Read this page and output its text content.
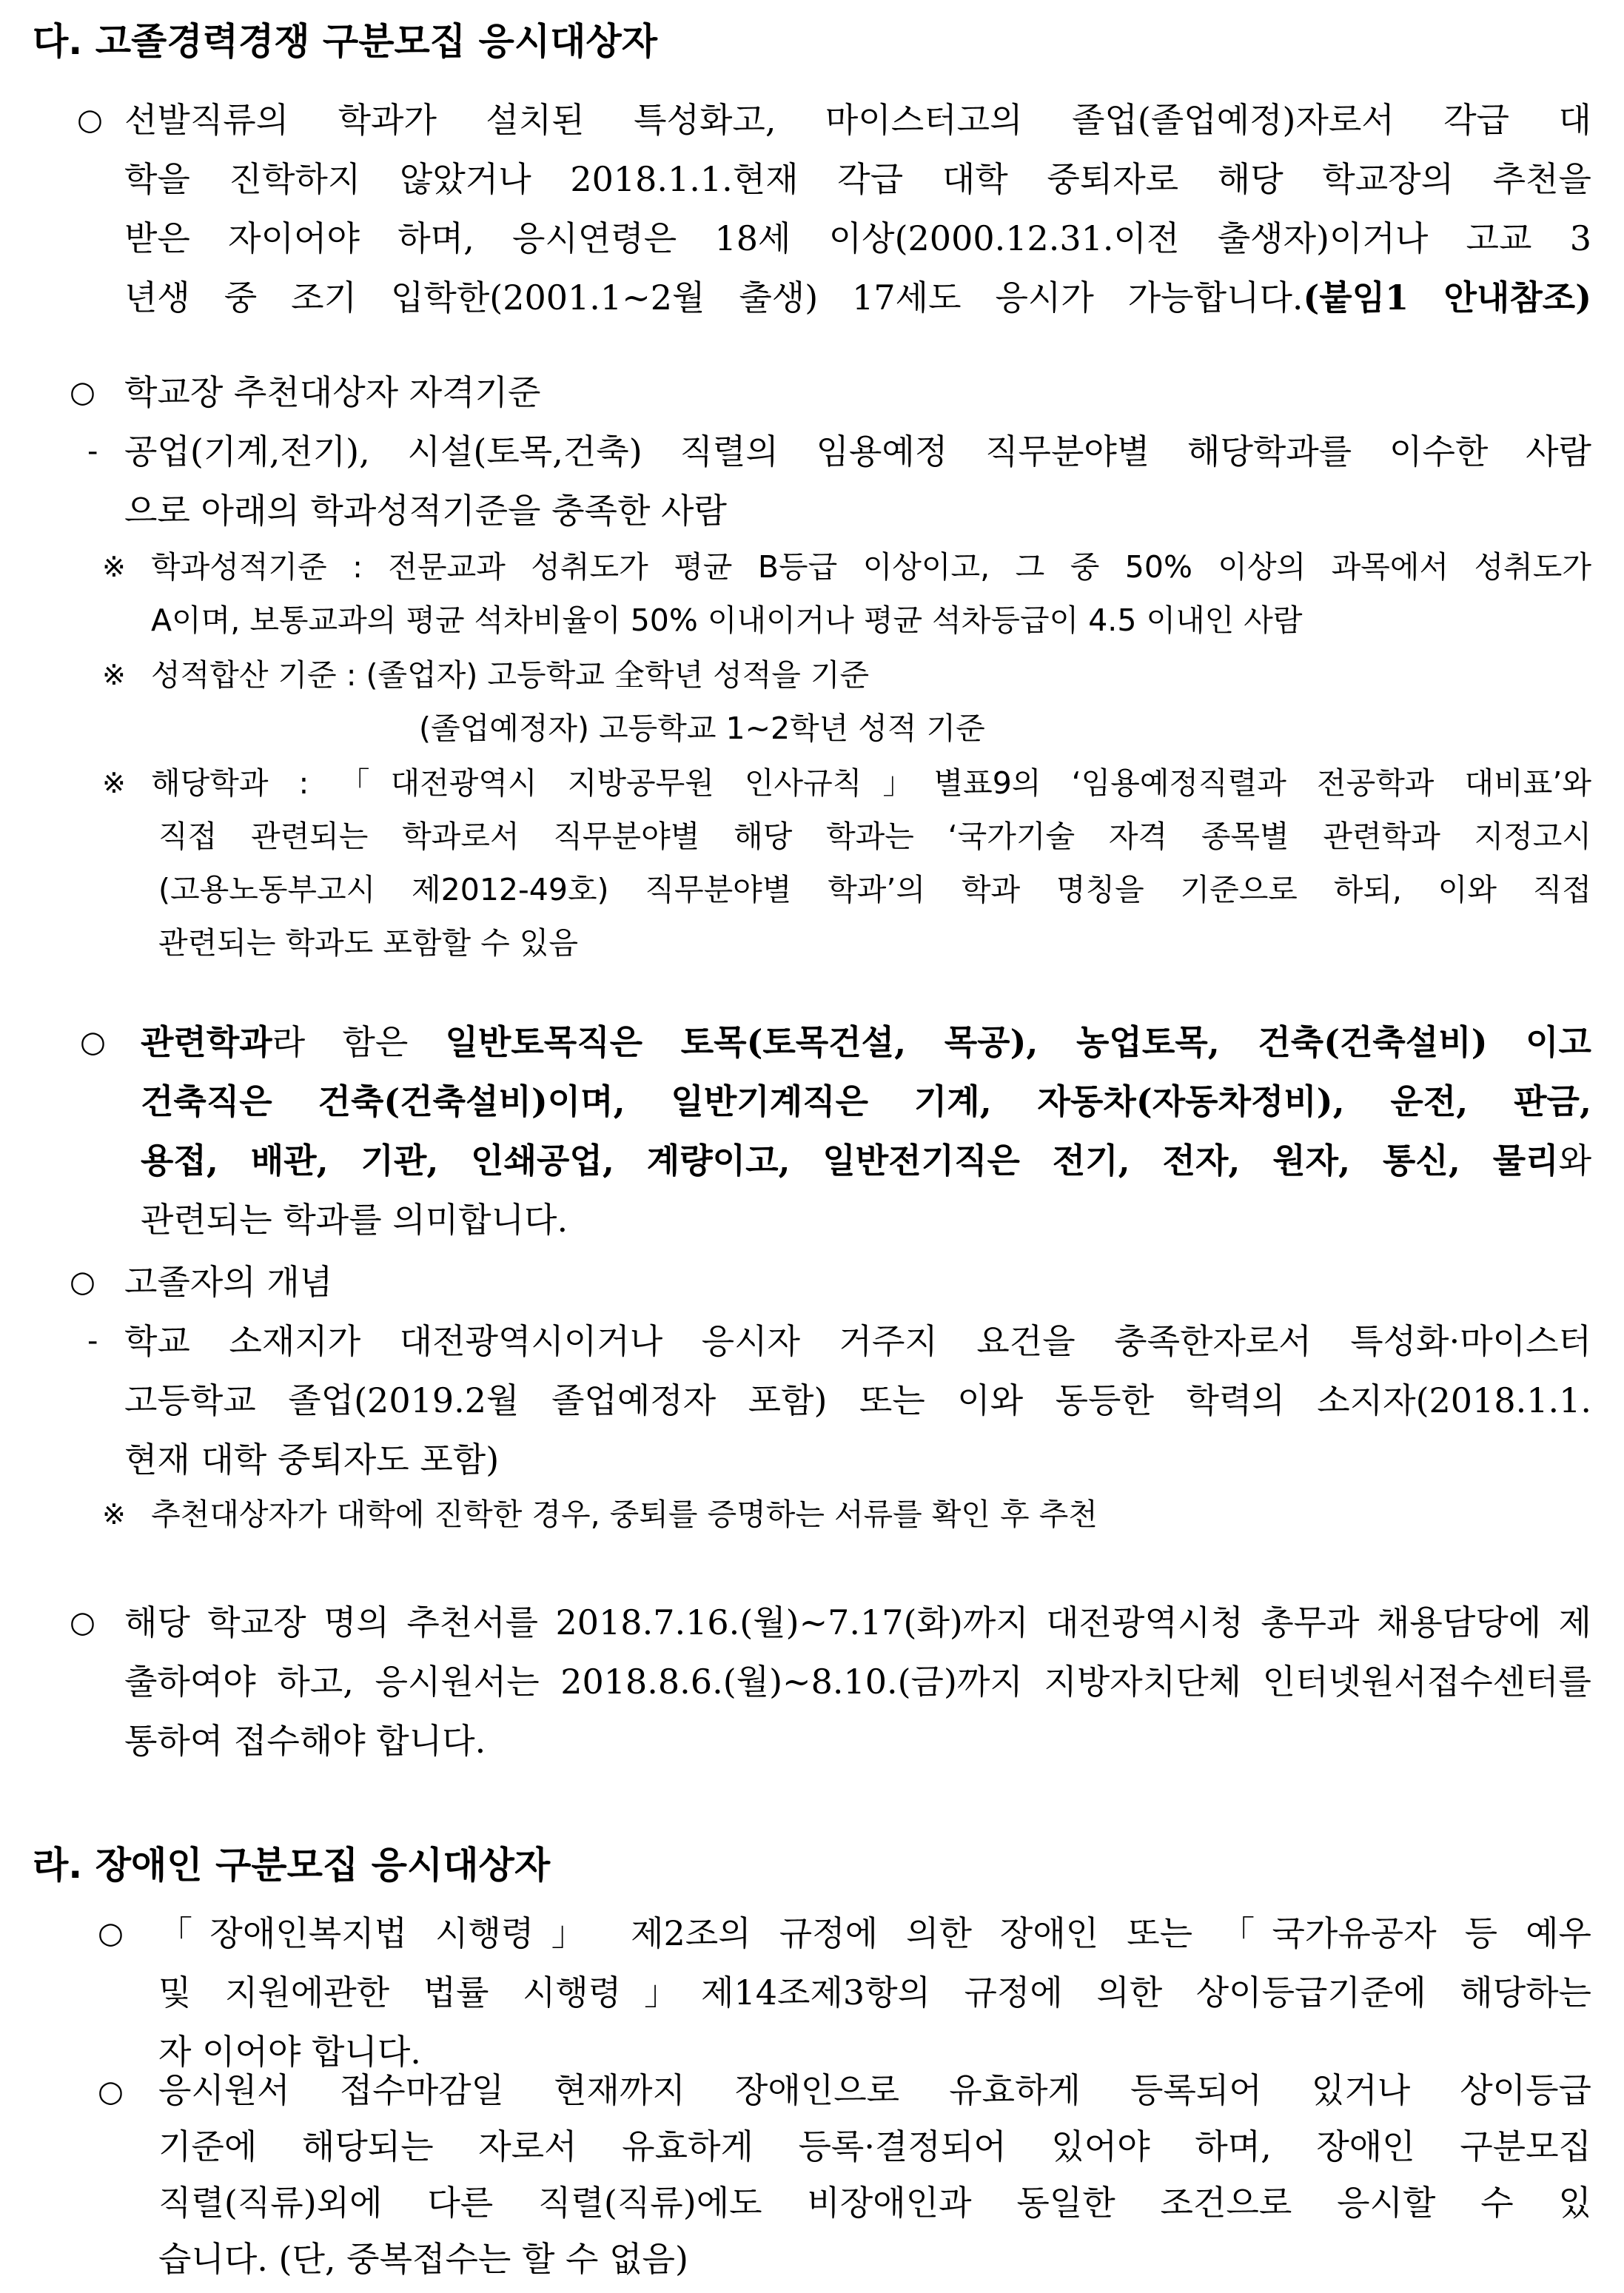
다. 고졸경력경쟁 구분모집 응시대상자
○ 선발직류의 학과가 설치된 특성화고, 마이스터고의 졸업(졸업예정)자로서 각급 대
학을 진학하지 않았거나 2018.1.1.현재 각급 대학 중퇴자로 해당 학교장의 추천을
받은 자이어야 하며, 응시연령은 18세 이상(2000.12.31.이전 출생자)이거나 고교 3
년생 중 조기 입학한(2001.1~2월 출생) 17세도 응시가 가능합니다.(붙임1 안내참조)
○ 학교장 추천대상자 자격기준
- 공업(기계,전기), 시설(토목,건축) 직렬의 임용예정 직무분야별 해당학과를 이수한 사람
으로 아래의 학과성적기준을 충족한 사람
※ 학과성적기준 : 전문교과 성취도가 평균 B등급 이상이고, 그 중 50% 이상의 과목에서 성취도가
A이며, 보통교과의 평균 석차비율이 50% 이내이거나 평균 석차등급이 4.5 이내인 사람
※ 성적합산 기준 : (졸업자) 고등학교 全학년 성적을 기준
(졸업예정자) 고등학교 1~2학년 성적 기준
※ 해당학과 : 「대전광역시 지방공무원 인사규칙」별표9의 ‘임용예정직렬과 전공학과 대비표’와
직접 관련되는 학과로서 직무분야별 해당 학과는 ‘국가기술 자격 종목별 관련학과 지정고시
(고용노동부고시 제2012-49호) 직무분야별 학과’의 학과 명칭을 기준으로 하되, 이와 직접
관련되는 학과도 포함할 수 있음
○ 관련학과라 함은 일반토목직은 토목(토목건설, 목공), 농업토목, 건축(건축설비) 이고
건축직은 건축(건축설비)이며, 일반기계직은 기계, 자동차(자동차정비), 운전, 판금,
용접, 배관, 기관, 인쇄공업, 계량이고, 일반전기직은 전기, 전자, 원자, 통신, 물리와
관련되는 학과를 의미합니다.
○ 고졸자의 개념
- 학교 소재지가 대전광역시이거나 응시자 거주지 요건을 충족한자로서 특성화·마이스터
고등학교 졸업(2019.2월 졸업예정자 포함) 또는 이와 동등한 학력의 소지자(2018.1.1.
현재 대학 중퇴자도 포함)
※ 추천대상자가 대학에 진학한 경우, 중퇴를 증명하는 서류를 확인 후 추천
○ 해당 학교장 명의 추천서를 2018.7.16.(월)~7.17(화)까지 대전광역시청 총무과 채용담당에 제
출하여야 하고, 응시원서는 2018.8.6.(월)~8.10.(금)까지 지방자치단체 인터넷원서접수센터를
통하여 접수해야 합니다.
라. 장애인 구분모집 응시대상자
○ 「장애인복지법 시행령」 제2조의 규정에 의한 장애인 또는 「국가유공자 등 예우
및 지원에관한 법률 시행령」제14조제3항의 규정에 의한 상이등급기준에 해당하는
자 이어야 합니다.
○ 응시원서 접수마감일 현재까지 장애인으로 유효하게 등록되어 있거나 상이등급
기준에 해당되는 자로서 유효하게 등록·결정되어 있어야 하며, 장애인 구분모집
직렬(직류)외에 다른 직렬(직류)에도 비장애인과 동일한 조건으로 응시할 수 있
습니다. (단, 중복접수는 할 수 없음)
